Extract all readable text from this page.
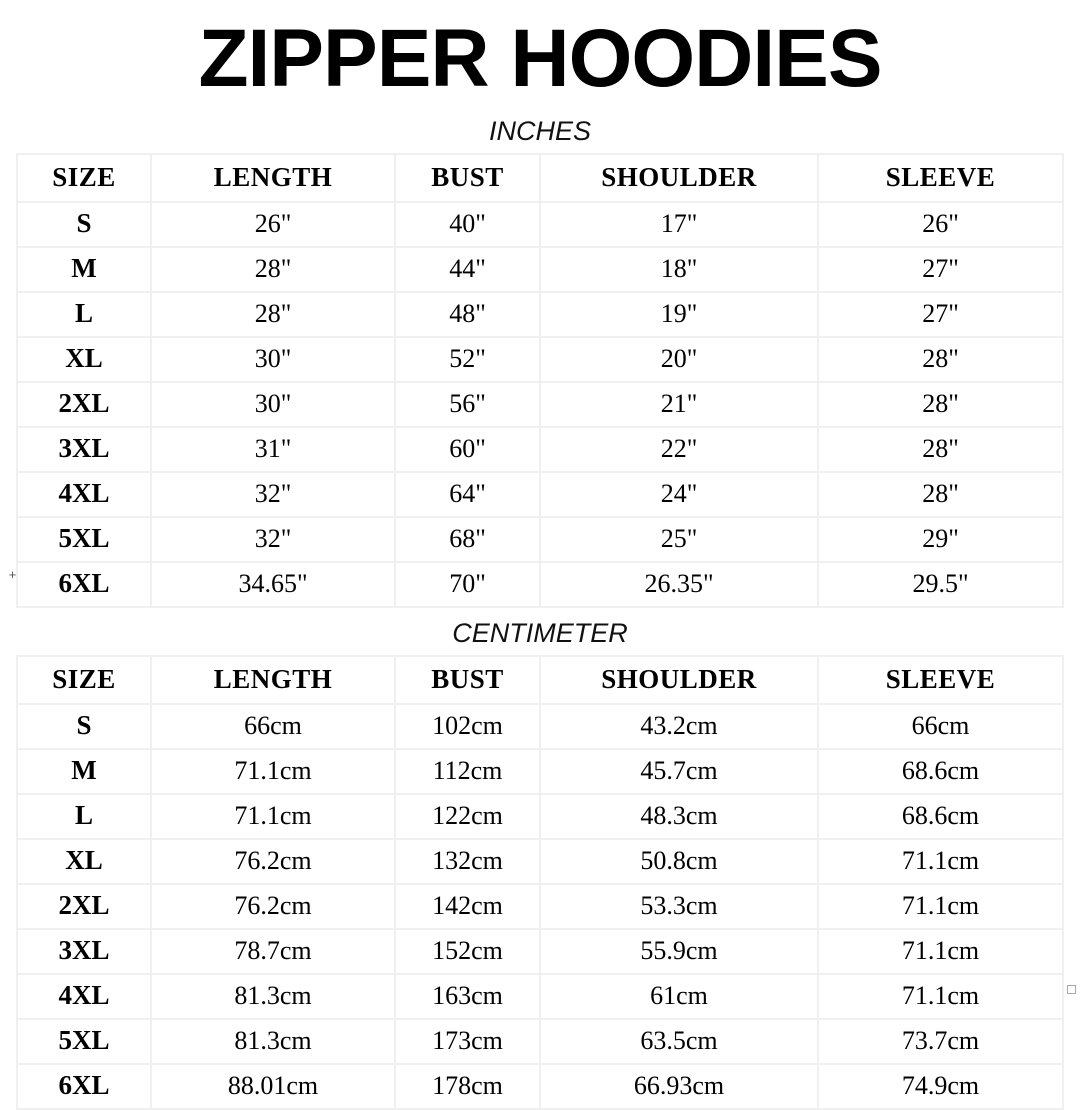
ZIPPER HOODIES
INCHES
SIZE	LENGTH	BUST	SHOULDER	SLEEVE
S	26"	40"	17"	26"
M	28"	44"	18"	27"
L	28"	48"	19"	27"
XL	30"	52"	20"	28"
2XL	30"	56"	21"	28"
3XL	31"	60"	22"	28"
4XL	32"	64"	24"	28"
5XL	32"	68"	25"	29"
6XL	34.65"	70"	26.35"	29.5"
CENTIMETER
SIZE	LENGTH	BUST	SHOULDER	SLEEVE
S	66cm	102cm	43.2cm	66cm
M	71.1cm	112cm	45.7cm	68.6cm
L	71.1cm	122cm	48.3cm	68.6cm
XL	76.2cm	132cm	50.8cm	71.1cm
2XL	76.2cm	142cm	53.3cm	71.1cm
3XL	78.7cm	152cm	55.9cm	71.1cm
4XL	81.3cm	163cm	61cm	71.1cm
5XL	81.3cm	173cm	63.5cm	73.7cm
6XL	88.01cm	178cm	66.93cm	74.9cm
+
